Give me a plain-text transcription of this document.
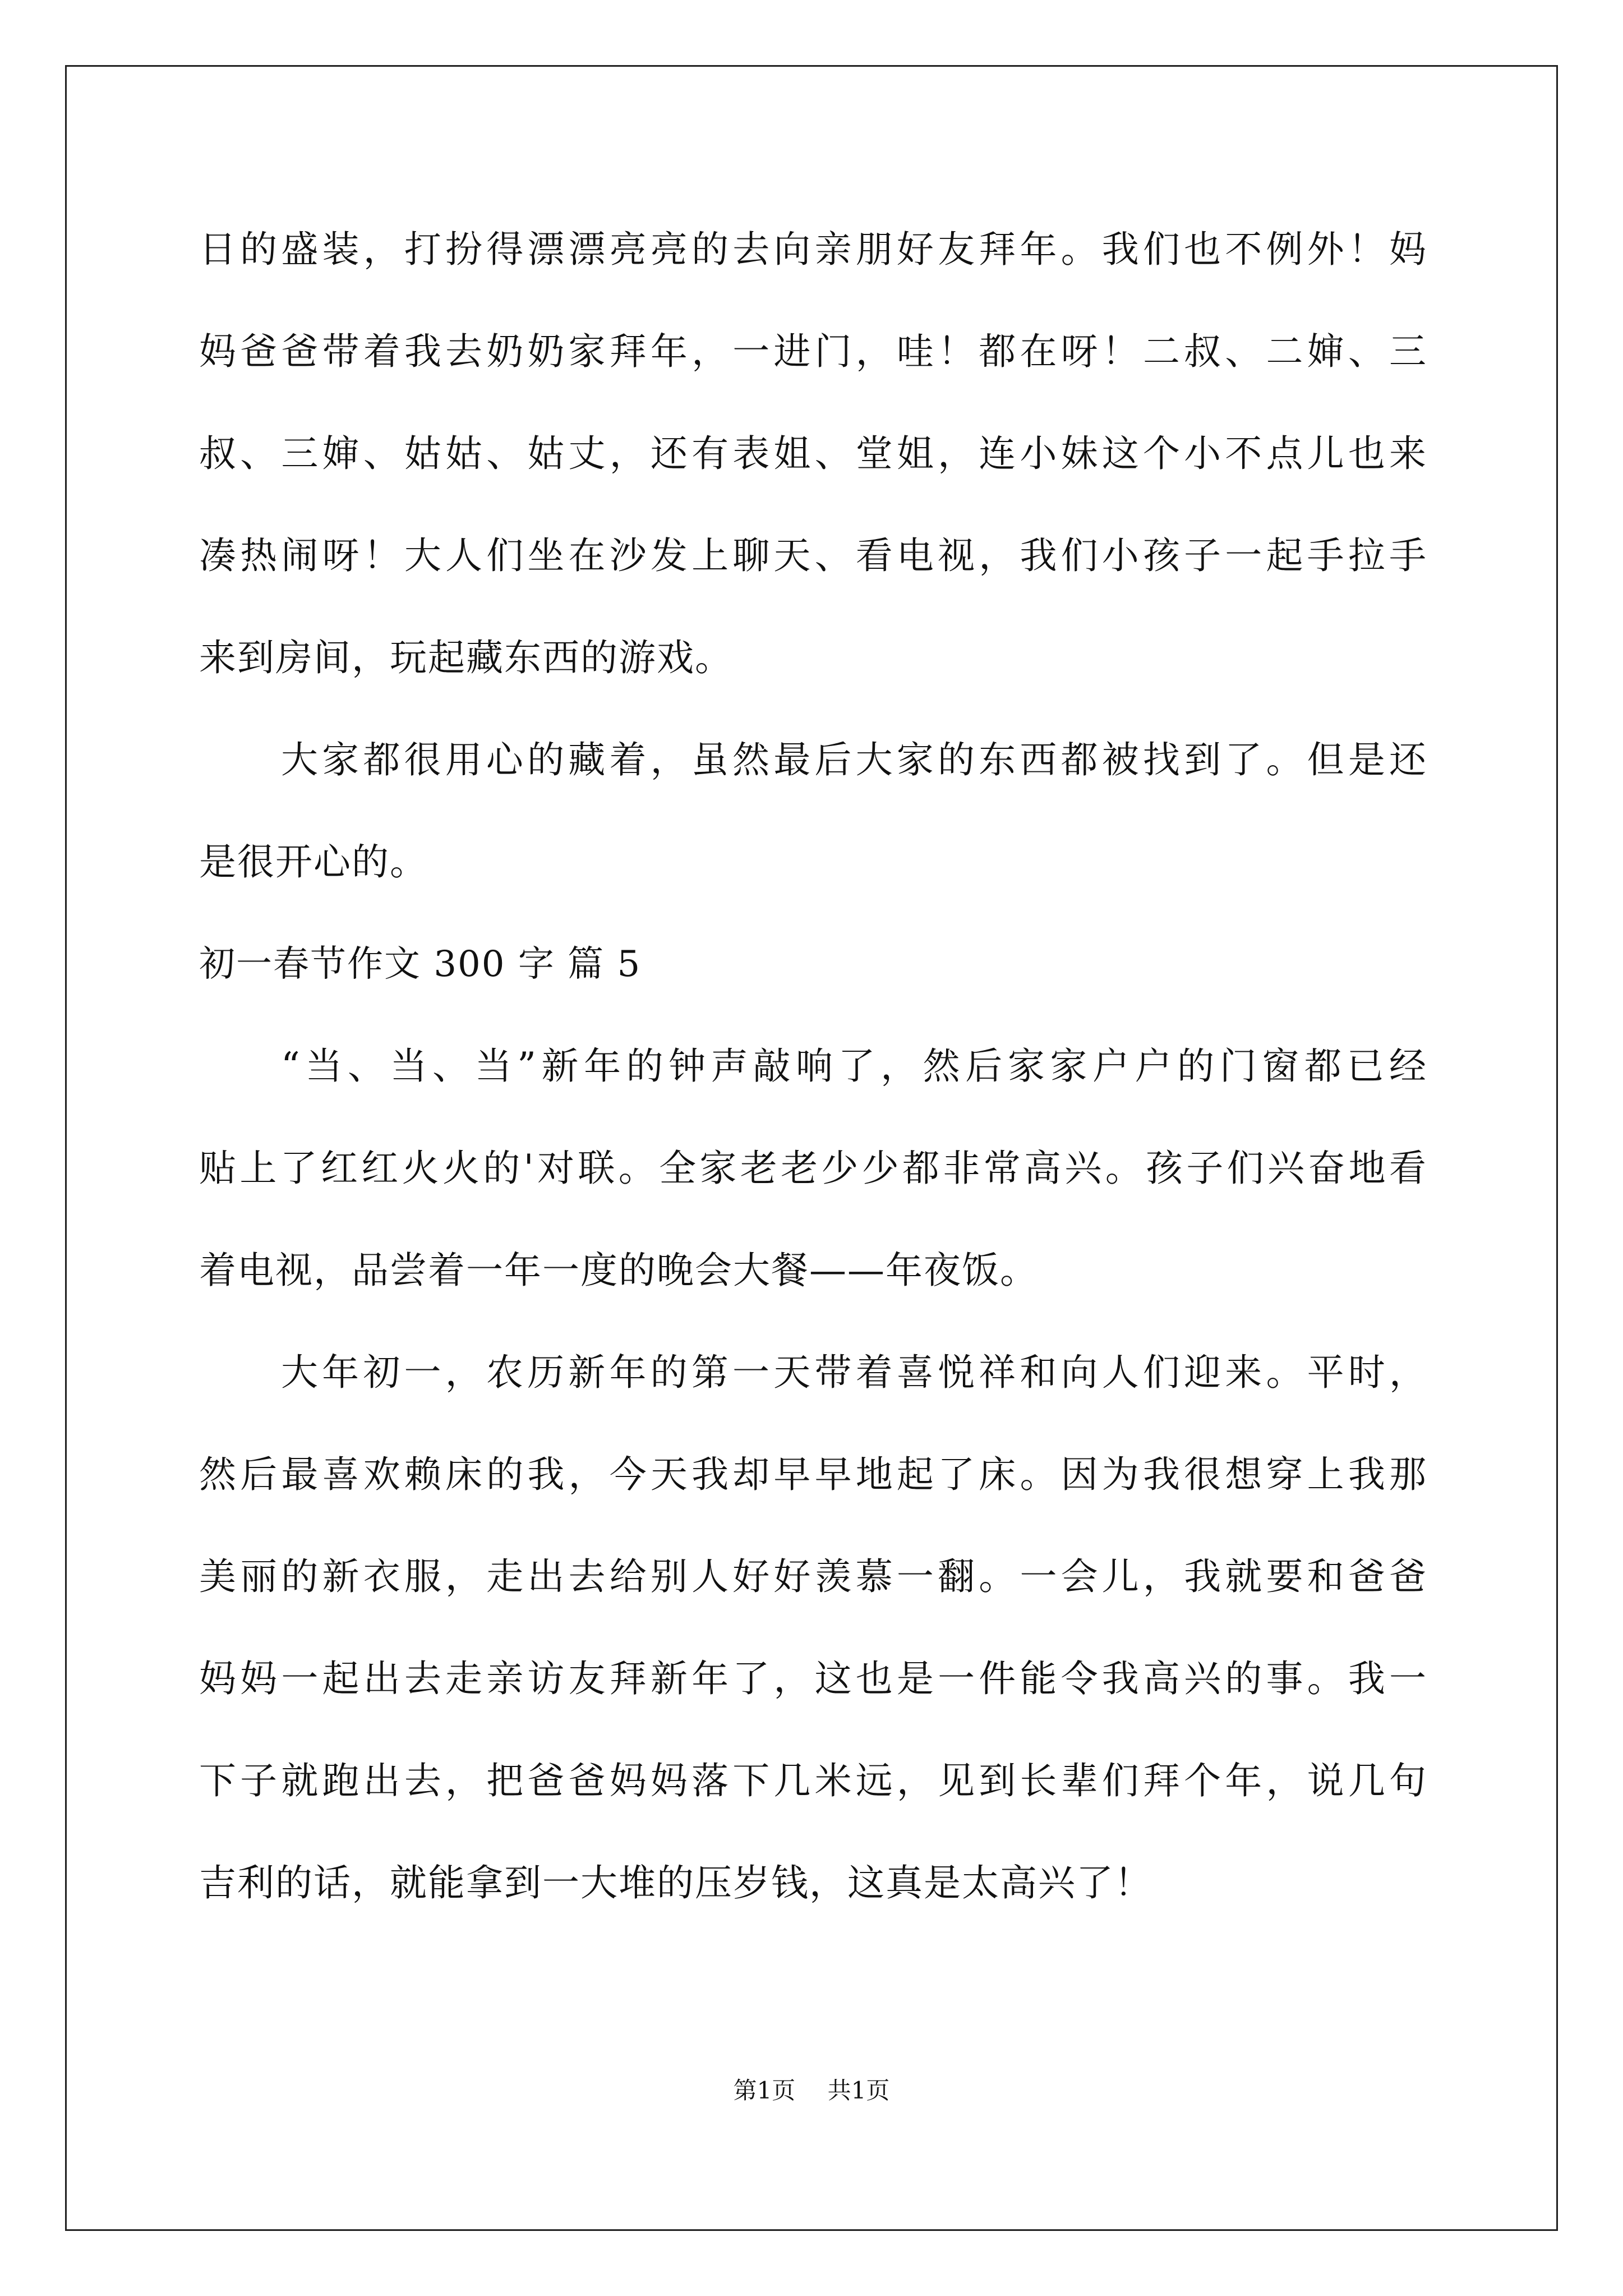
日的盛装，打扮得漂漂亮亮的去向亲朋好友拜年。我们也不例外！妈
妈爸爸带着我去奶奶家拜年，一进门，哇！都在呀！二叔、二婶、三
叔、三婶、姑姑、姑丈，还有表姐、堂姐，连小妹这个小不点儿也来
凑热闹呀！大人们坐在沙发上聊天、看电视，我们小孩子一起手拉手
来到房间，玩起藏东西的游戏。
大家都很用心的藏着，虽然最后大家的东西都被找到了。但是还
是很开心的。
初一春节作文 300 字 篇 5
“当、当、当”新年的钟声敲响了，然后家家户户的门窗都已经
贴上了红红火火的'对联。全家老老少少都非常高兴。孩子们兴奋地看
着电视，品尝着一年一度的晚会大餐——年夜饭。
大年初一，农历新年的第一天带着喜悦祥和向人们迎来。平时，
然后最喜欢赖床的我，今天我却早早地起了床。因为我很想穿上我那
美丽的新衣服，走出去给别人好好羡慕一翻。一会儿，我就要和爸爸
妈妈一起出去走亲访友拜新年了，这也是一件能令我高兴的事。我一
下子就跑出去，把爸爸妈妈落下几米远，见到长辈们拜个年，说几句
吉利的话，就能拿到一大堆的压岁钱，这真是太高兴了！
第1页 共1页
